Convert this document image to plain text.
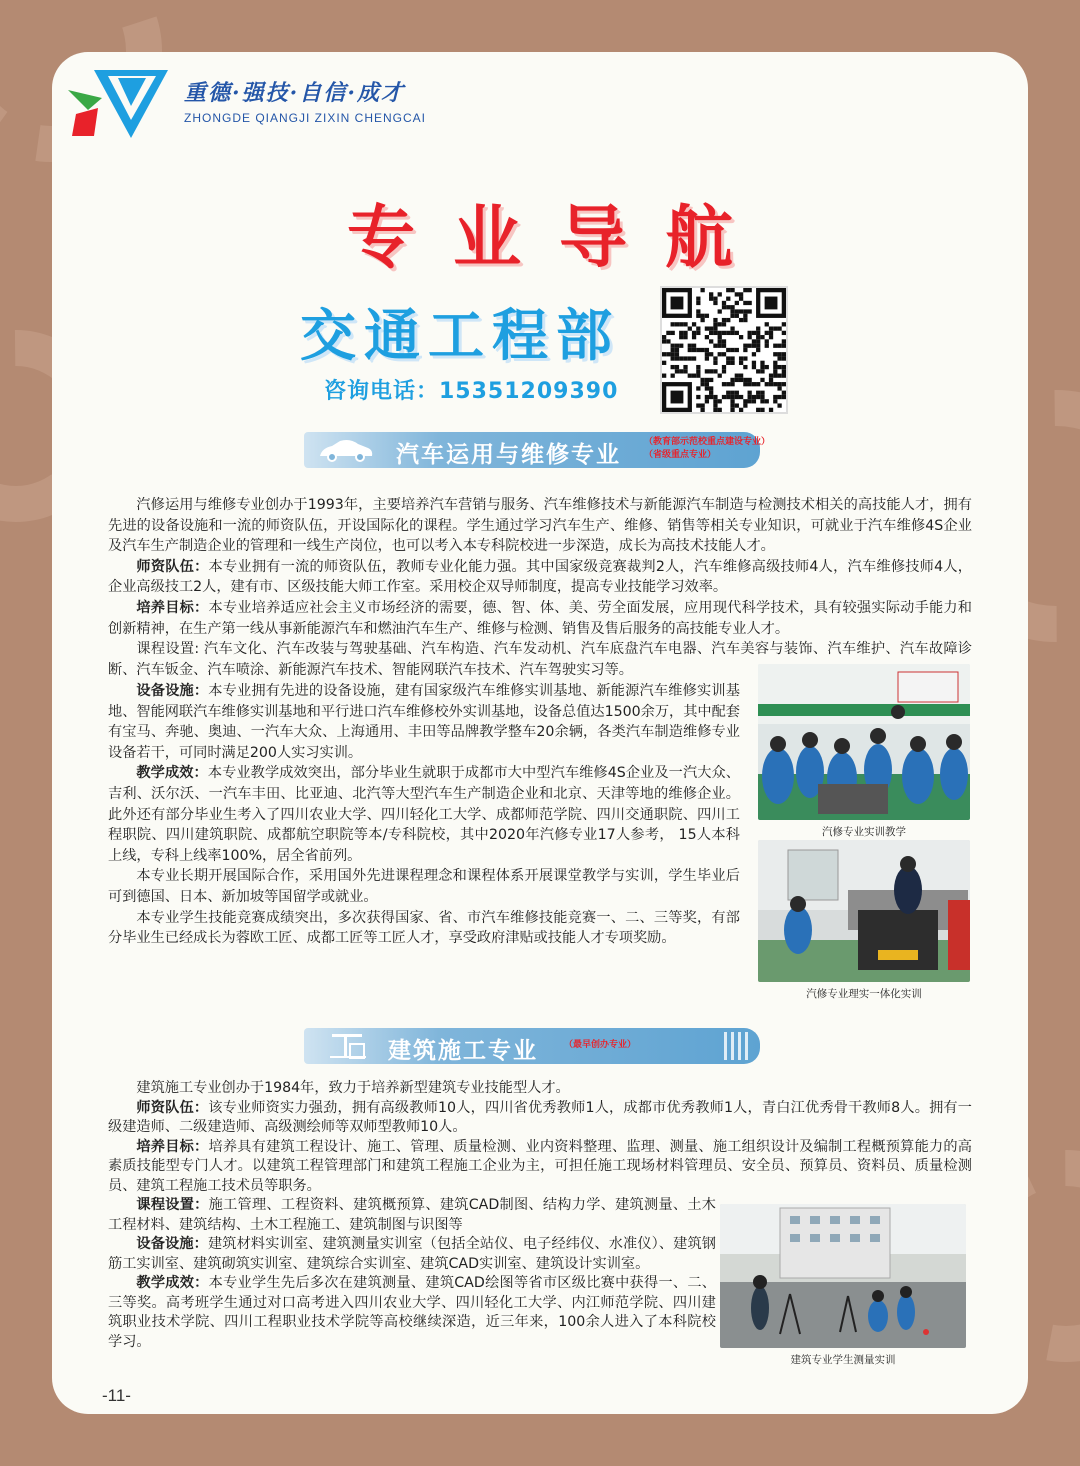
重德·强技·自信·成才
ZHONGDE QIANGJI ZIXIN CHENGCAI
专业导航
交通工程部
咨询电话：15351209390
汽车运用与维修专业	（教育部示范校重点建设专业）
（省级重点专业）

汽修运用与维修专业创办于1993年，主要培养汽车营销与服务、汽车维修技术与新能源汽车制造与检测技术相关的高技能人才，拥有先进的设备设施和一流的师资队伍，开设国际化的课程。学生通过学习汽车生产、维修、销售等相关专业知识，可就业于汽车维修4S企业及汽车生产制造企业的管理和一线生产岗位，也可以考入本专科院校进一步深造，成长为高技术技能人才。

师资队伍：本专业拥有一流的师资队伍，教师专业化能力强。其中国家级竞赛裁判2人，汽车维修高级技师4人，汽车维修技师4人，企业高级技工2人，建有市、区级技能大师工作室。采用校企双导师制度，提高专业技能学习效率。

培养目标：本专业培养适应社会主义市场经济的需要，德、智、体、美、劳全面发展，应用现代科学技术，具有较强实际动手能力和创新精神，在生产第一线从事新能源汽车和燃油汽车生产、维修与检测、销售及售后服务的高技能专业人才。

课程设置: 汽车文化、汽车改装与驾驶基础、汽车构造、汽车发动机、汽车底盘汽车电器、汽车美容与装饰、汽车维护、汽车故障诊断、汽车钣金、汽车喷涂、新能源汽车技术、智能网联汽车技术、汽车驾驶实习等。

设备设施：本专业拥有先进的设备设施，建有国家级汽车维修实训基地、新能源汽车维修实训基地、智能网联汽车维修实训基地和平行进口汽车维修校外实训基地，设备总值达1500余万，其中配套有宝马、奔驰、奥迪、一汽车大众、上海通用、丰田等品牌教学整车20余辆，各类汽车制造维修专业设备若干，可同时满足200人实习实训。

教学成效：本专业教学成效突出，部分毕业生就职于成都市大中型汽车维修4S企业及一汽大众、吉利、沃尔沃、一汽车丰田、比亚迪、北汽等大型汽车生产制造企业和北京、天津等地的维修企业。此外还有部分毕业生考入了四川农业大学、四川轻化工大学、成都师范学院、四川交通职院、四川工程职院、四川建筑职院、成都航空职院等本/专科院校，其中2020年汽修专业17人参考， 15人本科上线，专科上线率100%，居全省前列。

本专业长期开展国际合作，采用国外先进课程理念和课程体系开展课堂教学与实训，学生毕业后可到德国、日本、新加坡等国留学或就业。

本专业学生技能竞赛成绩突出，多次获得国家、省、市汽车维修技能竞赛一、二、三等奖，有部分毕业生已经成长为蓉欧工匠、成都工匠等工匠人才，享受政府津贴或技能人才专项奖励。

汽修专业实训教学
汽修专业理实一体化实训
建筑施工专业	（最早创办专业）

建筑施工专业创办于1984年，致力于培养新型建筑专业技能型人才。

师资队伍：该专业师资实力强劲，拥有高级教师10人，四川省优秀教师1人，成都市优秀教师1人，青白江优秀骨干教师8人。拥有一级建造师、二级建造师、高级测绘师等双师型教师10人。

培养目标：培养具有建筑工程设计、施工、管理、质量检测、业内资料整理、监理、测量、施工组织设计及编制工程概预算能力的高素质技能型专门人才。以建筑工程管理部门和建筑工程施工企业为主，可担任施工现场材料管理员、安全员、预算员、资料员、质量检测员、建筑工程施工技术员等职务。

课程设置：施工管理、工程资料、建筑概预算、建筑CAD制图、结构力学、建筑测量、土木工程材料、建筑结构、土木工程施工、建筑制图与识图等

设备设施：建筑材料实训室、建筑测量实训室（包括全站仪、电子经纬仪、水准仪）、建筑钢筋工实训室、建筑砌筑实训室、建筑综合实训室、建筑CAD实训室、建筑设计实训室。

教学成效：本专业学生先后多次在建筑测量、建筑CAD绘图等省市区级比赛中获得一、二、三等奖。高考班学生通过对口高考进入四川农业大学、四川轻化工大学、内江师范学院、四川建筑职业技术学院、四川工程职业技术学院等高校继续深造，近三年来，100余人进入了本科院校学习。

建筑专业学生测量实训
-11-
